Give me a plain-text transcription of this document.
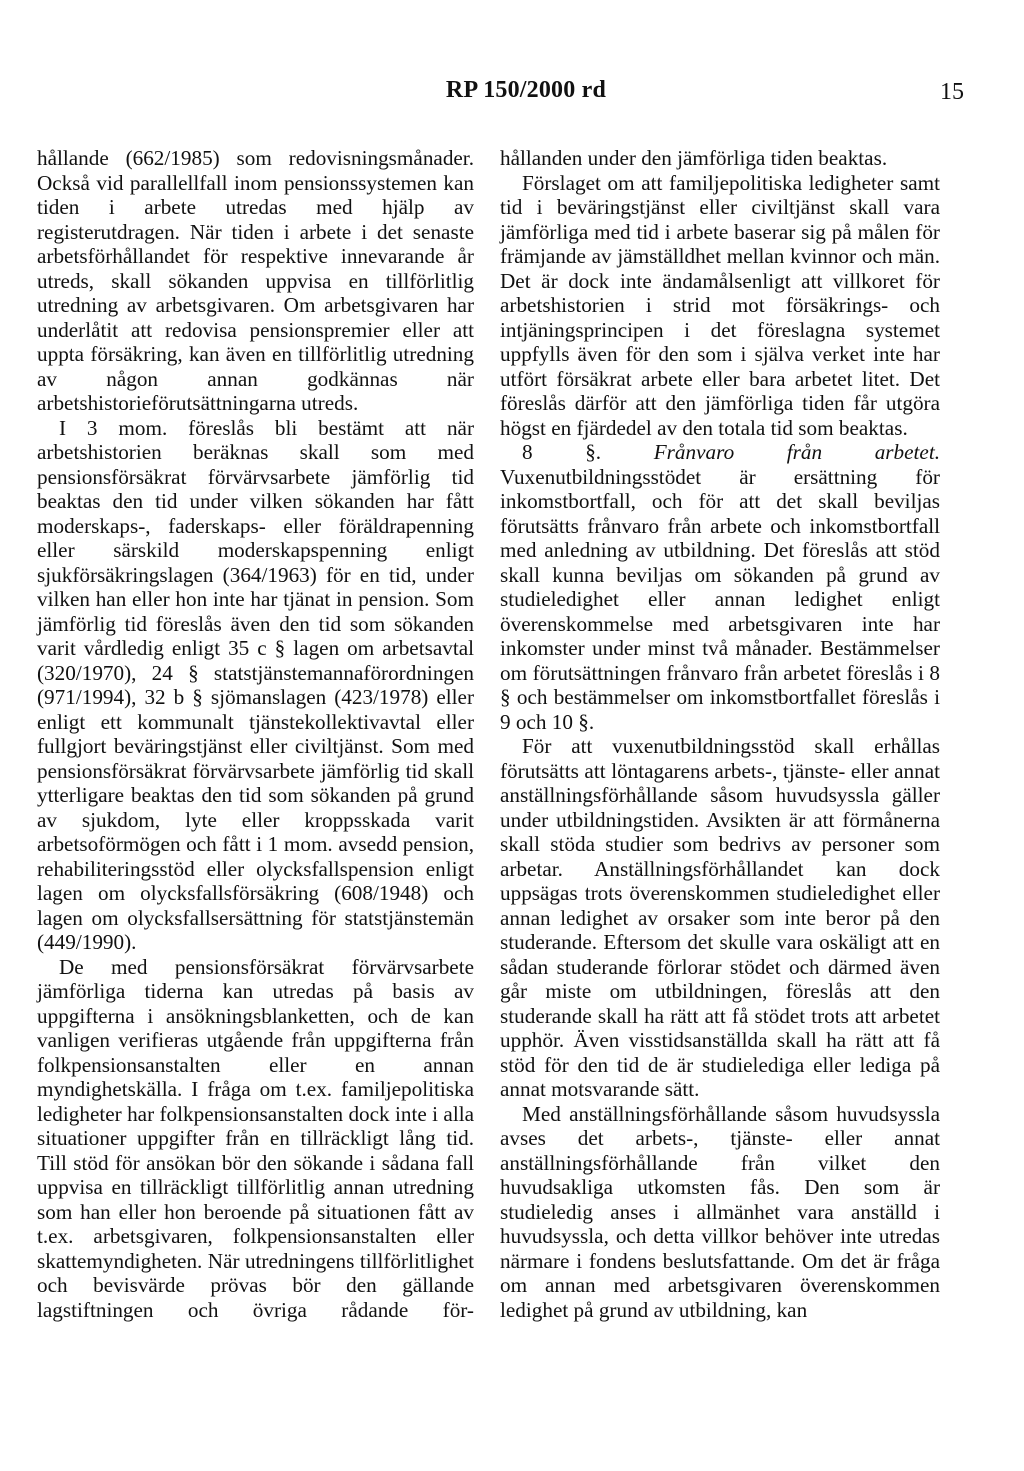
RP 150/2000 rd	15

hållande (662/1985) som redovisningsmånader. Också vid parallellfall inom pensionssystemen kan tiden i arbete utredas med hjälp av registerutdragen. När tiden i arbete i det senaste arbetsförhållandet för respektive innevarande år utreds, skall sökanden uppvisa en tillförlitlig utredning av arbetsgivaren. Om arbetsgivaren har underlåtit att redovisa pensionspremier eller att uppta försäkring, kan även en tillförlitlig utredning av någon annan godkännas när arbetshistorieförutsättningarna utreds.

I 3 mom. föreslås bli bestämt att när arbetshistorien beräknas skall som med pensionsförsäkrat förvärvsarbete jämförlig tid beaktas den tid under vilken sökanden har fått moderskaps-, faderskaps- eller föräldrapenning eller särskild moderskapspenning enligt sjukförsäkringslagen (364/1963) för en tid, under vilken han eller hon inte har tjänat in pension. Som jämförlig tid föreslås även den tid som sökanden varit vårdledig enligt 35 c § lagen om arbetsavtal (320/1970), 24 § statstjänstemannaförordningen (971/1994), 32 b § sjömanslagen (423/1978) eller enligt ett kommunalt tjänstekollektivavtal eller fullgjort beväringstjänst eller civiltjänst. Som med pensionsförsäkrat förvärvsarbete jämförlig tid skall ytterligare beaktas den tid som sökanden på grund av sjukdom, lyte eller kroppsskada varit arbetsoförmögen och fått i 1 mom. avsedd pension, rehabiliteringsstöd eller olycksfallspension enligt lagen om olycksfallsförsäkring (608/1948) och lagen om olycksfallsersättning för statstjänstemän (449/1990).

De med pensionsförsäkrat förvärvsarbete jämförliga tiderna kan utredas på basis av uppgifterna i ansökningsblanketten, och de kan vanligen verifieras utgående från uppgifterna från folkpensionsanstalten eller en annan myndighetskälla. I fråga om t.ex. familjepolitiska ledigheter har folkpensionsanstalten dock inte i alla situationer uppgifter från en tillräckligt lång tid. Till stöd för ansökan bör den sökande i sådana fall uppvisa en tillräckligt tillförlitlig annan utredning som han eller hon beroende på situationen fått av t.ex. arbetsgivaren, folkpensionsanstalten eller skattemyndigheten. När utredningens tillförlitlighet och bevisvärde prövas bör den gällande lagstiftningen och övriga rådande för-

hållanden under den jämförliga tiden beaktas.

Förslaget om att familjepolitiska ledigheter samt tid i beväringstjänst eller civiltjänst skall vara jämförliga med tid i arbete baserar sig på målen för främjande av jämställdhet mellan kvinnor och män. Det är dock inte ändamålsenligt att villkoret för arbetshistorien i strid mot försäkrings- och intjäningsprincipen i det föreslagna systemet uppfylls även för den som i själva verket inte har utfört försäkrat arbete eller bara arbetet litet. Det föreslås därför att den jämförliga tiden får utgöra högst en fjärdedel av den totala tid som beaktas.

8 §. Frånvaro från arbetet. Vuxenutbildningsstödet är ersättning för inkomstbortfall, och för att det skall beviljas förutsätts frånvaro från arbete och inkomstbortfall med anledning av utbildning. Det föreslås att stöd skall kunna beviljas om sökanden på grund av studieledighet eller annan ledighet enligt överenskommelse med arbetsgivaren inte har inkomster under minst två månader. Bestämmelser om förutsättningen frånvaro från arbetet föreslås i 8 § och bestämmelser om inkomstbortfallet föreslås i 9 och 10 §.

För att vuxenutbildningsstöd skall erhållas förutsätts att löntagarens arbets-, tjänste- eller annat anställningsförhållande såsom huvudsyssla gäller under utbildningstiden. Avsikten är att förmånerna skall stöda studier som bedrivs av personer som arbetar. Anställningsförhållandet kan dock uppsägas trots överenskommen studieledighet eller annan ledighet av orsaker som inte beror på den studerande. Eftersom det skulle vara oskäligt att en sådan studerande förlorar stödet och därmed även går miste om utbildningen, föreslås att den studerande skall ha rätt att få stödet trots att arbetet upphör. Även visstidsanställda skall ha rätt att få stöd för den tid de är studielediga eller lediga på annat motsvarande sätt.

Med anställningsförhållande såsom huvudsyssla avses det arbets-, tjänste- eller annat anställningsförhållande från vilket den huvudsakliga utkomsten fås. Den som är studieledig anses i allmänhet vara anställd i huvudsyssla, och detta villkor behöver inte utredas närmare i fondens beslutsfattande. Om det är fråga om annan med arbetsgivaren överenskommen ledighet på grund av utbildning, kan
